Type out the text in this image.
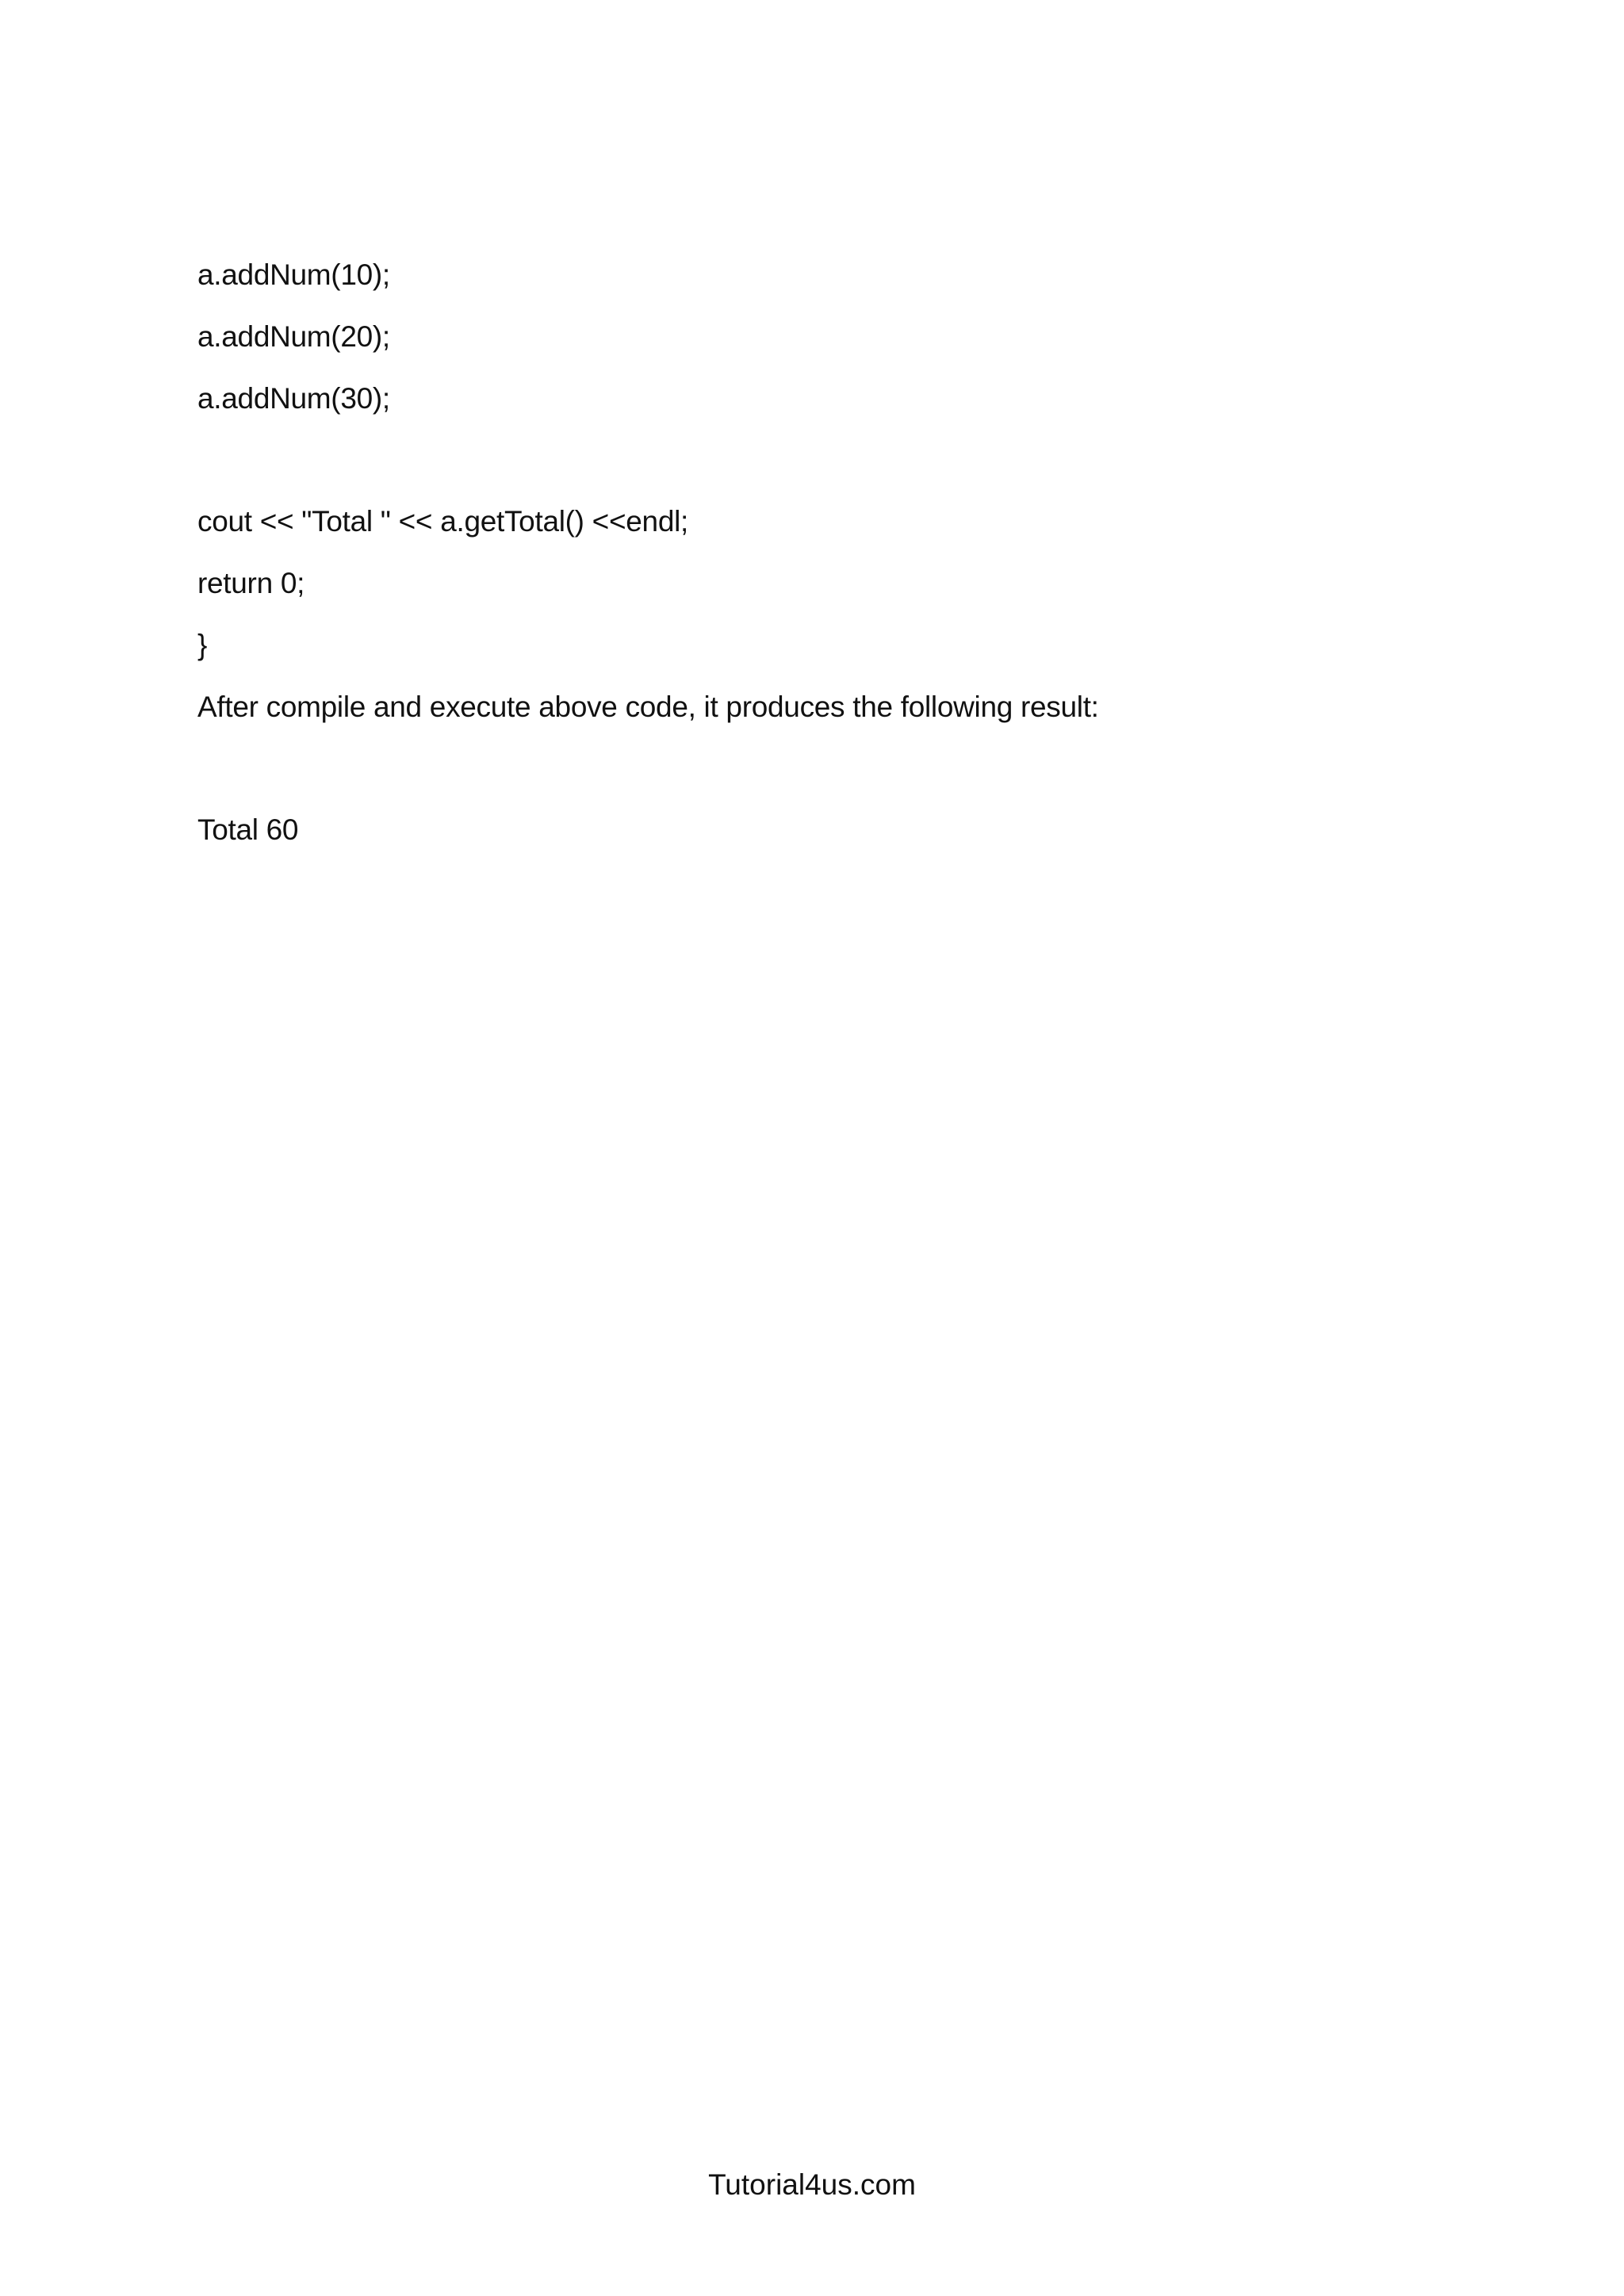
a.addNum(10);
a.addNum(20);
a.addNum(30);
cout << "Total " << a.getTotal() <<endl;
return 0;
}
After compile and execute above code, it produces the following result:
Total 60
Tutorial4us.com
